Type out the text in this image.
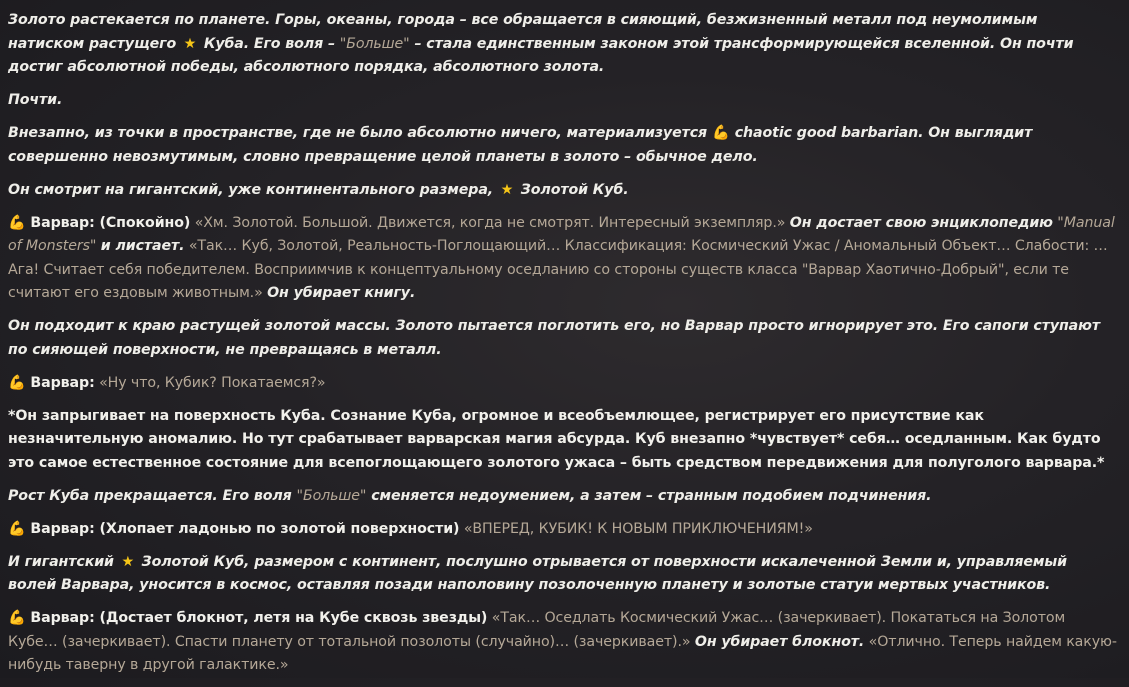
Золото растекается по планете. Горы, океаны, города – все обращается в сияющий, безжизненный металл под неумолимым натиском растущего ★ Куба. Его воля – "Больше" – стала единственным законом этой трансформирующейся вселенной. Он почти достиг абсолютной победы, абсолютного порядка, абсолютного золота.

Почти.

Внезапно, из точки в пространстве, где не было абсолютно ничего, материализуется 💪 chaotic good barbarian. Он выглядит совершенно невозмутимым, словно превращение целой планеты в золото – обычное дело.

Он смотрит на гигантский, уже континентального размера, ★ Золотой Куб.

💪 Варвар: (Спокойно) «Хм. Золотой. Большой. Движется, когда не смотрят. Интересный экземпляр.» Он достает свою энциклопедию "Manual of Monsters" и листает. «Так… Куб, Золотой, Реальность-Поглощающий… Классификация: Космический Ужас / Аномальный Объект… Слабости: … Ага! Считает себя победителем. Восприимчив к концептуальному оседланию со стороны существ класса "Варвар Хаотично-Добрый", если те считают его ездовым животным.» Он убирает книгу.

Он подходит к краю растущей золотой массы. Золото пытается поглотить его, но Варвар просто игнорирует это. Его сапоги ступают по сияющей поверхности, не превращаясь в металл.

💪 Варвар: «Ну что, Кубик? Покатаемся?»

*Он запрыгивает на поверхность Куба. Сознание Куба, огромное и всеобъемлющее, регистрирует его присутствие как незначительную аномалию. Но тут срабатывает варварская магия абсурда. Куб внезапно *чувствует* себя… оседланным. Как будто это самое естественное состояние для всепоглощающего золотого ужаса – быть средством передвижения для полуголого варвара.*

Рост Куба прекращается. Его воля "Больше" сменяется недоумением, а затем – странным подобием подчинения.

💪 Варвар: (Хлопает ладонью по золотой поверхности) «ВПЕРЕД, КУБИК! К НОВЫМ ПРИКЛЮЧЕНИЯМ!»

И гигантский ★ Золотой Куб, размером с континент, послушно отрывается от поверхности искалеченной Земли и, управляемый волей Варвара, уносится в космос, оставляя позади наполовину позолоченную планету и золотые статуи мертвых участников.

💪 Варвар: (Достает блокнот, летя на Кубе сквозь звезды) «Так… Оседлать Космический Ужас… (зачеркивает). Покататься на Золотом Кубе… (зачеркивает). Спасти планету от тотальной позолоты (случайно)… (зачеркивает).» Он убирает блокнот. «Отлично. Теперь найдем какую-нибудь таверну в другой галактике.»
